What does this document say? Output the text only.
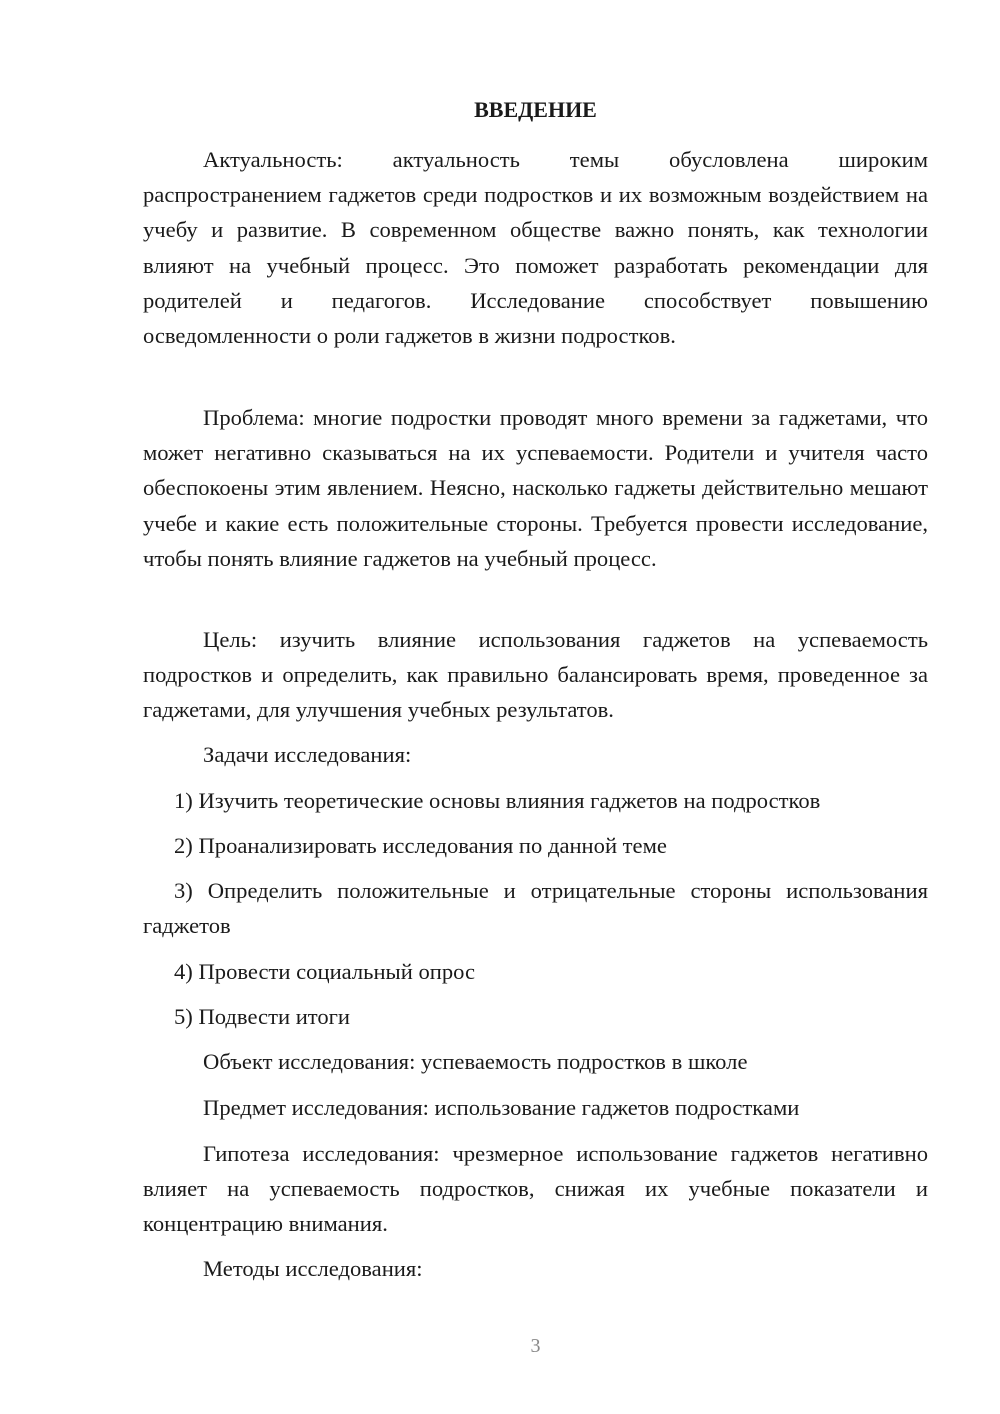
ВВЕДЕНИЕ

Актуальность: актуальность темы обусловлена широким распространением гаджетов среди подростков и их возможным воздействием на учебу и развитие. В современном обществе важно понять, как технологии влияют на учебный процесс. Это поможет разработать рекомендации для родителей и педагогов. Исследование способствует повышению осведомленности о роли гаджетов в жизни подростков.

Проблема: многие подростки проводят много времени за гаджетами, что может негативно сказываться на их успеваемости. Родители и учителя часто обеспокоены этим явлением. Неясно, насколько гаджеты действительно мешают учебе и какие есть положительные стороны. Требуется провести исследование, чтобы понять влияние гаджетов на учебный процесс.

Цель: изучить влияние использования гаджетов на успеваемость подростков и определить, как правильно балансировать время, проведенное за гаджетами, для улучшения учебных результатов.

Задачи исследования:

1) Изучить теоретические основы влияния гаджетов на подростков

2) Проанализировать исследования по данной теме

3) Определить положительные и отрицательные стороны использования гаджетов

4) Провести социальный опрос

5) Подвести итоги

Объект исследования: успеваемость подростков в школе

Предмет исследования: использование гаджетов подростками

Гипотеза исследования: чрезмерное использование гаджетов негативно влияет на успеваемость подростков, снижая их учебные показатели и концентрацию внимания.

Методы исследования:

3
